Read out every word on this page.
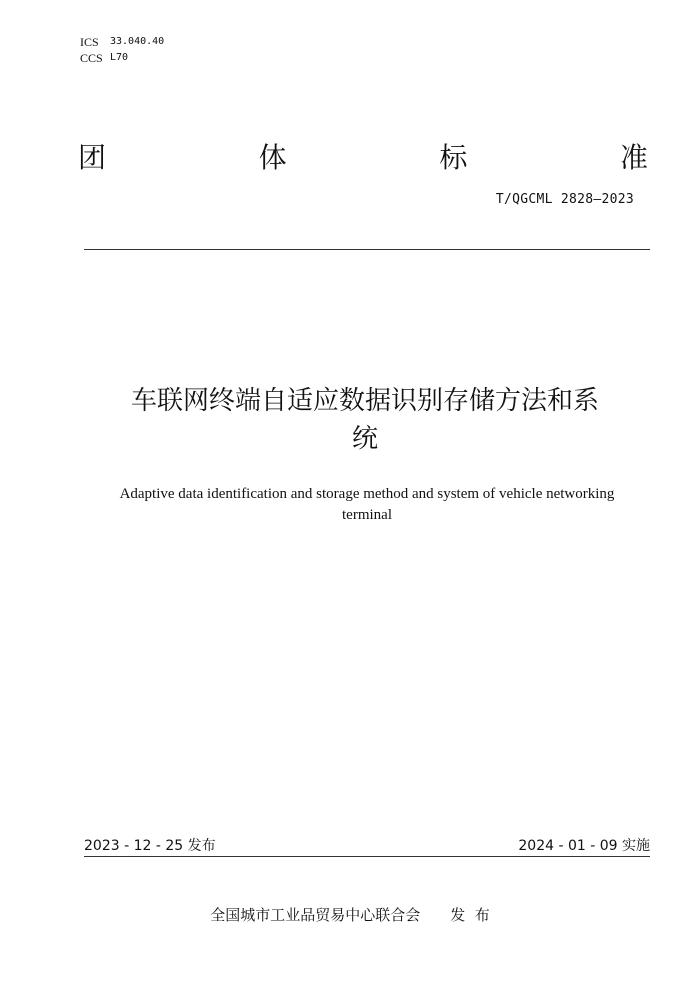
ICS	33.040.40
CCS L70
团	体	标	准
T/QGCML 2828—2023
车联网终端自适应数据识别存储方法和系
统
Adaptive data identification and storage method and system of vehicle networking
terminal
2023 - 12 - 25 发布	2024 - 01 - 09 实施
全国城市工业品贸易中心联合会 发  布
